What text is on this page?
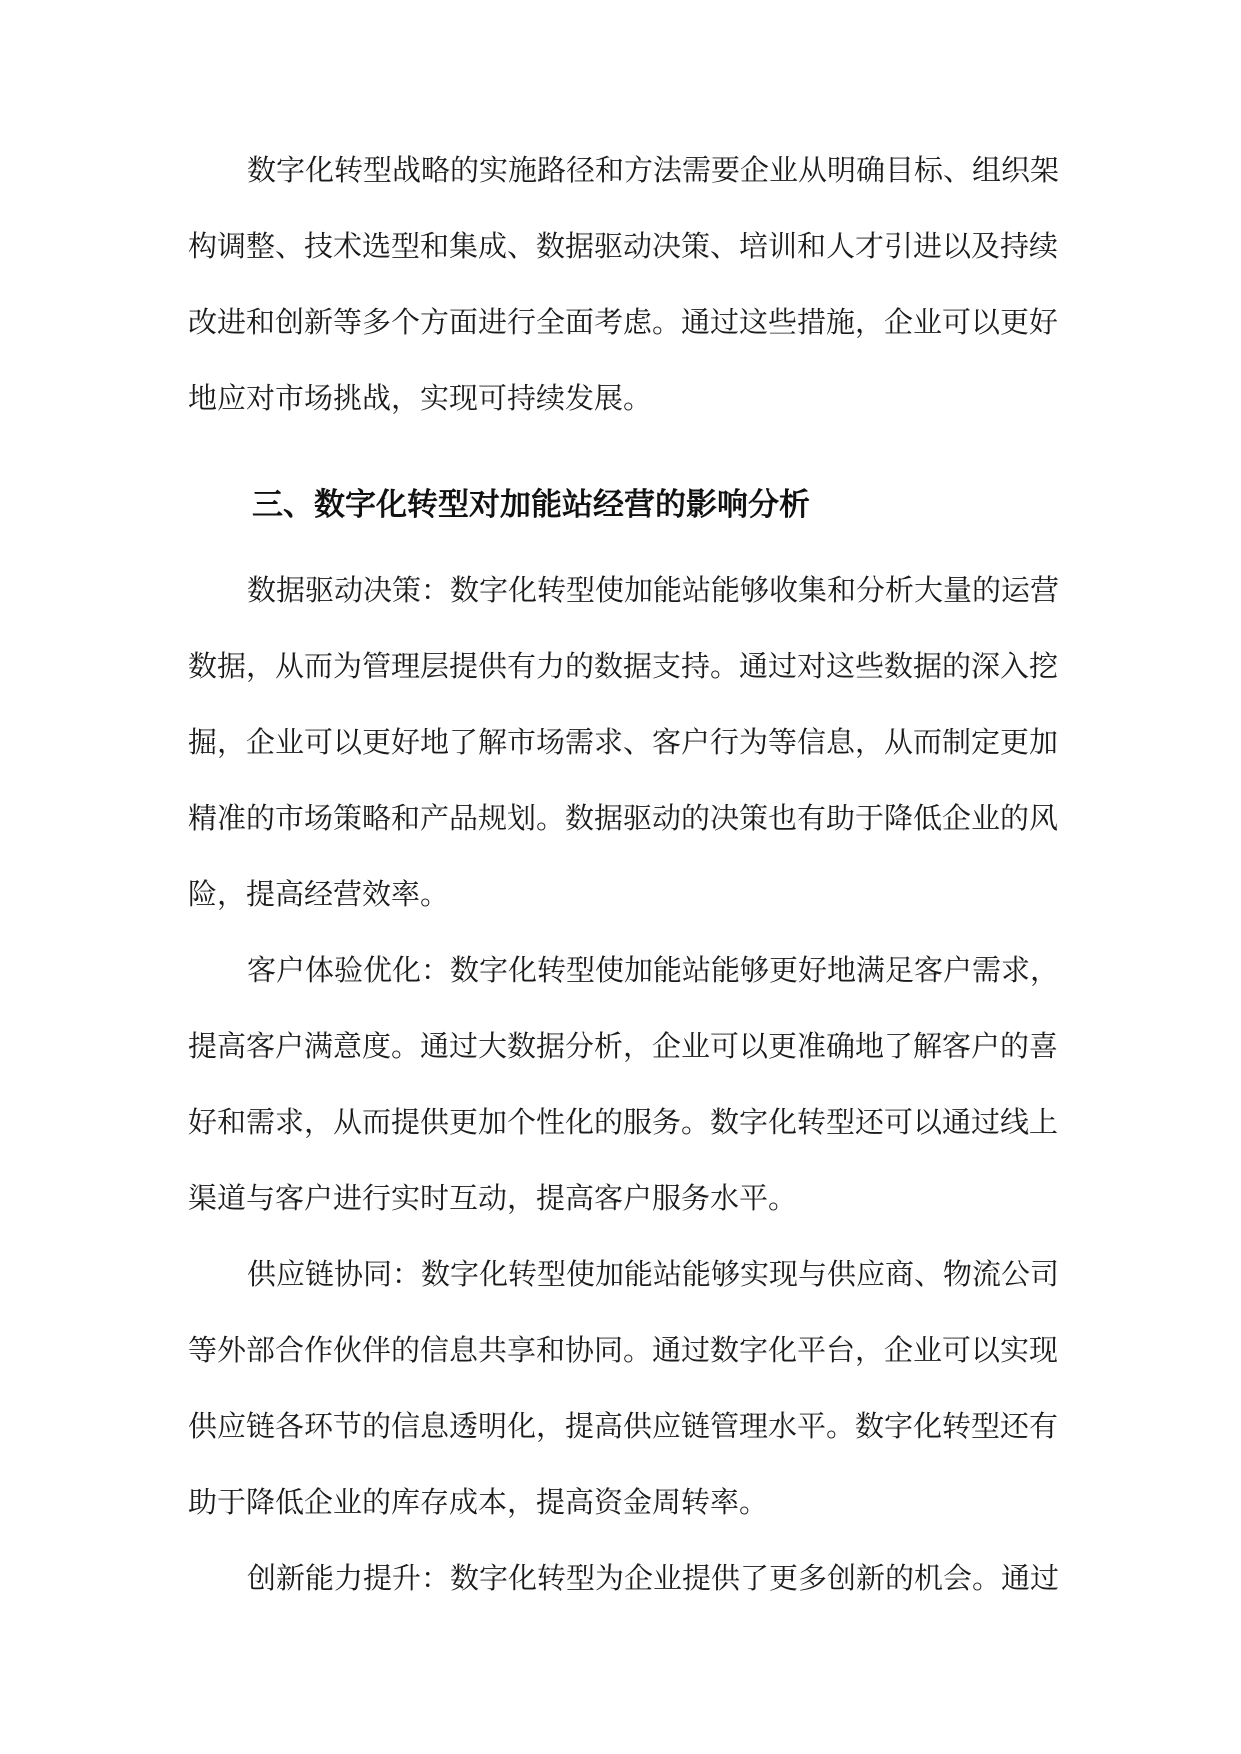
数字化转型战略的实施路径和方法需要企业从明确目标、组织架
构调整、技术选型和集成、数据驱动决策、培训和人才引进以及持续
改进和创新等多个方面进行全面考虑。通过这些措施，企业可以更好
地应对市场挑战，实现可持续发展。
三、数字化转型对加能站经营的影响分析
数据驱动决策：数字化转型使加能站能够收集和分析大量的运营
数据，从而为管理层提供有力的数据支持。通过对这些数据的深入挖
掘，企业可以更好地了解市场需求、客户行为等信息，从而制定更加
精准的市场策略和产品规划。数据驱动的决策也有助于降低企业的风
险，提高经营效率。
客户体验优化：数字化转型使加能站能够更好地满足客户需求，
提高客户满意度。通过大数据分析，企业可以更准确地了解客户的喜
好和需求，从而提供更加个性化的服务。数字化转型还可以通过线上
渠道与客户进行实时互动，提高客户服务水平。
供应链协同：数字化转型使加能站能够实现与供应商、物流公司
等外部合作伙伴的信息共享和协同。通过数字化平台，企业可以实现
供应链各环节的信息透明化，提高供应链管理水平。数字化转型还有
助于降低企业的库存成本，提高资金周转率。
创新能力提升：数字化转型为企业提供了更多创新的机会。通过
